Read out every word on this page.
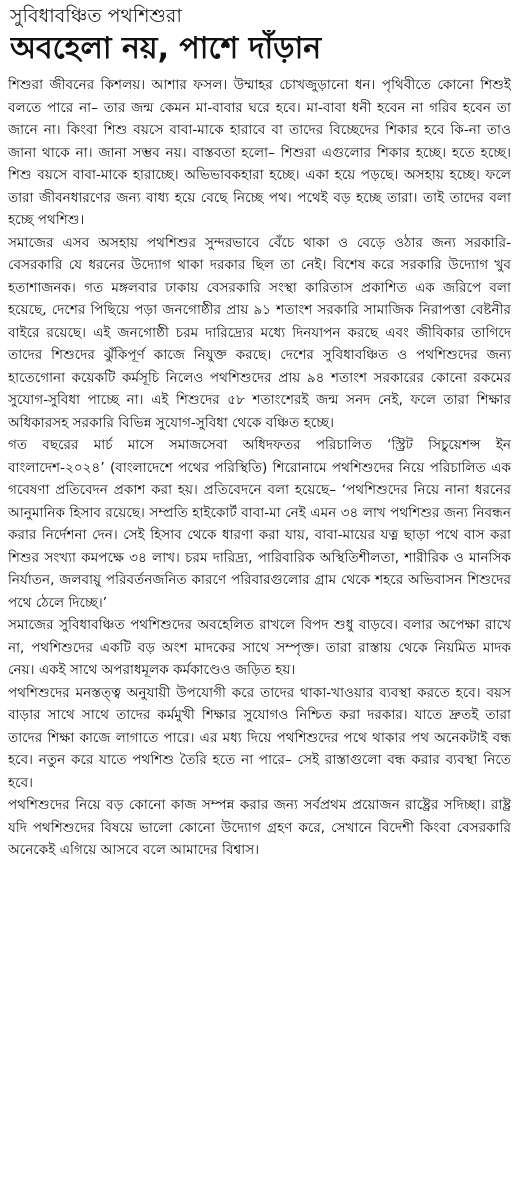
সুবিধাবঞ্চিত পথশিশুরা
অবহেলা নয়, পাশে দাঁড়ান

শিশুরা জীবনের কিশলয়। আশার ফসল। উম্মাহর চোখজুড়ানো ধন। পৃথিবীতে কোনো শিশুই বলতে পারে না– তার জন্ম কেমন মা-বাবার ঘরে হবে। মা-বাবা ধনী হবেন না গরিব হবেন তা জানে না। কিংবা শিশু বয়সে বাবা-মাকে হারাবে বা তাদের বিচ্ছেদের শিকার হবে কি-না তাও জানা থাকে না। জানা সম্ভব নয়। বাস্তবতা হলো– শিশুরা এগুলোর শিকার হচ্ছে। হতে হচ্ছে। শিশু বয়সে বাবা-মাকে হারাচ্ছে। অভিভাবকহারা হচ্ছে। একা হয়ে পড়ছে। অসহায় হচ্ছে। ফলে তারা জীবনধারণের জন্য বাধ্য হয়ে বেছে নিচ্ছে পথ। পথেই বড় হচ্ছে তারা। তাই তাদের বলা হচ্ছে পথশিশু।

সমাজের এসব অসহায় পথশিশুর সুন্দরভাবে বেঁচে থাকা ও বেড়ে ওঠার জন্য সরকারি-বেসরকারি যে ধরনের উদ্যোগ থাকা দরকার ছিল তা নেই। বিশেষ করে সরকারি উদ্যোগ খুব হতাশাজনক। গত মঙ্গলবার ঢাকায় বেসরকারি সংস্থা কারিতাস প্রকাশিত এক জরিপে বলা হয়েছে, দেশের পিছিয়ে পড়া জনগোষ্ঠীর প্রায় ৯১ শতাংশ সরকারি সামাজিক নিরাপত্তা বেষ্টনীর বাইরে রয়েছে। এই জনগোষ্ঠী চরম দারিদ্র্যের মধ্যে দিনযাপন করছে এবং জীবিকার তাগিদে তাদের শিশুদের ঝুঁকিপূর্ণ কাজে নিযুক্ত করছে। দেশের সুবিধাবঞ্চিত ও পথশিশুদের জন্য হাতেগোনা কয়েকটি কর্মসূচি নিলেও পথশিশুদের প্রায় ৯৪ শতাংশ সরকারের কোনো রকমের সুযোগ-সুবিধা পাচ্ছে না। এই শিশুদের ৫৮ শতাংশেরই জন্ম সনদ নেই, ফলে তারা শিক্ষার অধিকারসহ সরকারি বিভিন্ন সুযোগ-সুবিধা থেকে বঞ্চিত হচ্ছে।

গত বছরের মার্চ মাসে সমাজসেবা অধিদফতর পরিচালিত ‘স্ট্রিট সিচুয়েশন্স ইন বাংলাদেশ-২০২৪’ (বাংলাদেশে পথের পরিস্থিতি) শিরোনামে পথশিশুদের নিয়ে পরিচালিত এক গবেষণা প্রতিবেদন প্রকাশ করা হয়। প্রতিবেদনে বলা হয়েছে– ‘পথশিশুদের নিয়ে নানা ধরনের আনুমানিক হিসাব রয়েছে। সম্প্রতি হাইকোর্ট বাবা-মা নেই এমন ৩৪ লাখ পথশিশুর জন্য নিবন্ধন করার নির্দেশনা দেন। সেই হিসাব থেকে ধারণা করা যায়, বাবা-মায়ের যত্ন ছাড়া পথে বাস করা শিশুর সংখ্যা কমপক্ষে ৩৪ লাখ। চরম দারিদ্র্য, পারিবারিক অস্থিতিশীলতা, শারীরিক ও মানসিক নির্যাতন, জলবায়ু পরিবর্তনজনিত কারণে পরিবারগুলোর গ্রাম থেকে শহরে অভিবাসন শিশুদের পথে ঠেলে দিচ্ছে।’

সমাজের সুবিধাবঞ্চিত পথশিশুদের অবহেলিত রাখলে বিপদ শুধু বাড়বে। বলার অপেক্ষা রাখে না, পথশিশুদের একটি বড় অংশ মাদকের সাথে সম্পৃক্ত। তারা রাস্তায় থেকে নিয়মিত মাদক নেয়। একই সাথে অপরাধমূলক কর্মকাণ্ডেও জড়িত হয়।

পথশিশুদের মনস্তত্ত্ব অনুযায়ী উপযোগী করে তাদের থাকা-খাওয়ার ব্যবস্থা করতে হবে। বয়স বাড়ার সাথে সাথে তাদের কর্মমুখী শিক্ষার সুযোগও নিশ্চিত করা দরকার। যাতে দ্রুতই তারা তাদের শিক্ষা কাজে লাগাতে পারে। এর মধ্য দিয়ে পথশিশুদের পথে থাকার পথ অনেকটাই বন্ধ হবে। নতুন করে যাতে পথশিশু তৈরি হতে না পারে– সেই রাস্তাগুলো বন্ধ করার ব্যবস্থা নিতে হবে।

পথশিশুদের নিয়ে বড় কোনো কাজ সম্পন্ন করার জন্য সর্বপ্রথম প্রয়োজন রাষ্ট্রের সদিচ্ছা। রাষ্ট্র যদি পথশিশুদের বিষয়ে ভালো কোনো উদ্যোগ গ্রহণ করে, সেখানে বিদেশী কিংবা বেসরকারি অনেকেই এগিয়ে আসবে বলে আমাদের বিশ্বাস।
